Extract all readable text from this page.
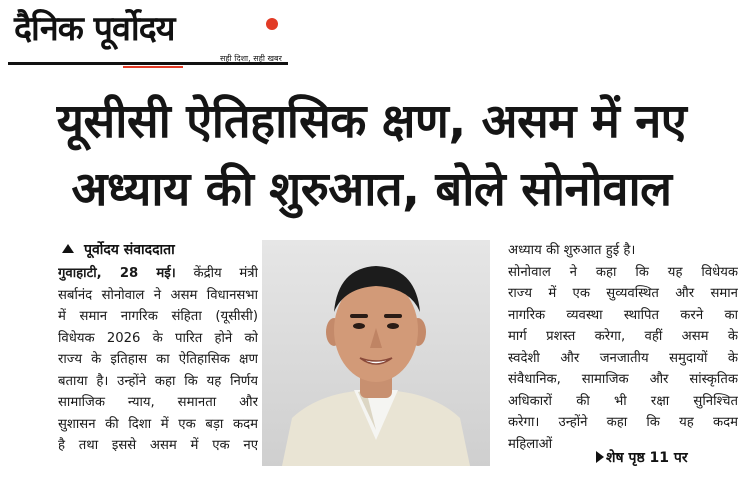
दैनिक पूर्वोदय
सही दिशा, सही खबर
यूसीसी ऐतिहासिक क्षण, असम में नए
अध्याय की शुरुआत, बोले सोनोवाल
पूर्वोदय संवाददाता
गुवाहाटी, 28 मई। केंद्रीय मंत्री
सर्बानंद सोनोवाल ने असम विधानसभा
में समान नागरिक संहिता (यूसीसी)
विधेयक 2026 के पारित होने को
राज्य के इतिहास का ऐतिहासिक क्षण
बताया है। उन्होंने कहा कि यह निर्णय
सामाजिक न्याय, समानता और
सुशासन की दिशा में एक बड़ा कदम
है तथा इससे असम में एक नए
अध्याय की शुरुआत हुई है।
सोनोवाल ने कहा कि यह विधेयक
राज्य में एक सुव्यवस्थित और समान
नागरिक व्यवस्था स्थापित करने का
मार्ग प्रशस्त करेगा, वहीं असम के
स्वदेशी और जनजातीय समुदायों के
संवैधानिक, सामाजिक और सांस्कृतिक
अधिकारों की भी रक्षा सुनिश्चित
करेगा। उन्होंने कहा कि यह कदम
महिलाओं
शेष पृष्ठ 11 पर
